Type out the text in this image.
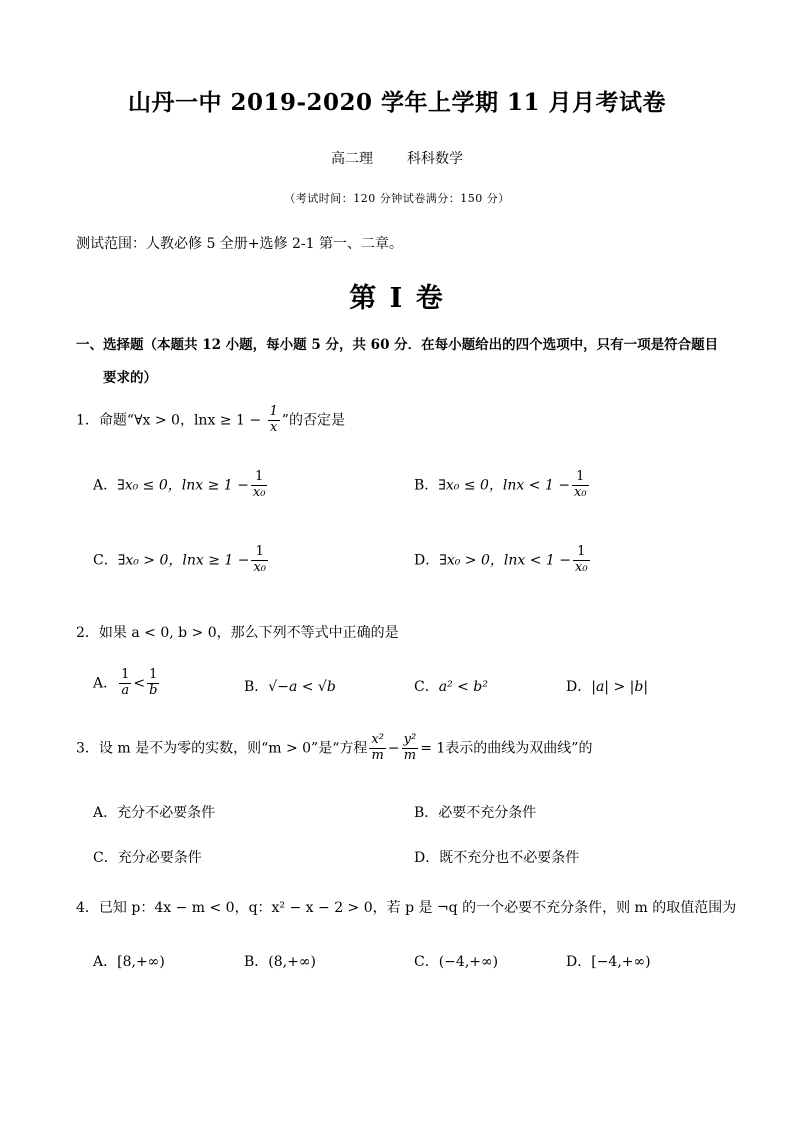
山丹一中 2019-2020 学年上学期 11 月月考试卷
高二理 科科数学
（考试时间：120 分钟试卷满分：150 分）
测试范围：人教必修 5 全册+选修 2-1 第一、二章。
第 I 卷
一、选择题（本题共 12 小题，每小题 5 分，共 60 分．在每小题给出的四个选项中，只有一项是符合题目
要求的）
1．命题“∀x > 0，$\ln x \ge 1 - \frac{1}{x}$ ”的否定是
A．∃x₀ ≤ 0，$\ln x \ge 1 - \frac{1}{\text{x₀}}$	B．∃x₀ ≤ 0，$\ln x < 1 - \frac{1}{\text{x₀}}$
C．∃x₀ > 0，$\ln x \ge 1 - \frac{1}{\text{x₀}}$	D．∃x₀ > 0，$\ln x < 1 - \frac{1}{\text{x₀}}$
2．如果 a < 0, b > 0，那么下列不等式中正确的是
A． $\frac{1}{a} < \frac{1}{b}$	B．√−a < √b	C．a² < b²	D．|a| > |b|
3．设 m 是不为零的实数，则“m > 0”是“方程 $\frac{\text{x²}}{m} - \frac{\text{y²}}{m} = 1$表示的曲线为双曲线”的
A．充分不必要条件	B．必要不充分条件
C．充分必要条件	D．既不充分也不必要条件
4．已知 p：4x − m < 0，q：x² − x − 2 > 0，若 p 是 ¬q 的一个必要不充分条件，则 m 的取值范围为
A．[8,+∞)	B．(8,+∞)	C．(−4,+∞)	D．[−4,+∞)
